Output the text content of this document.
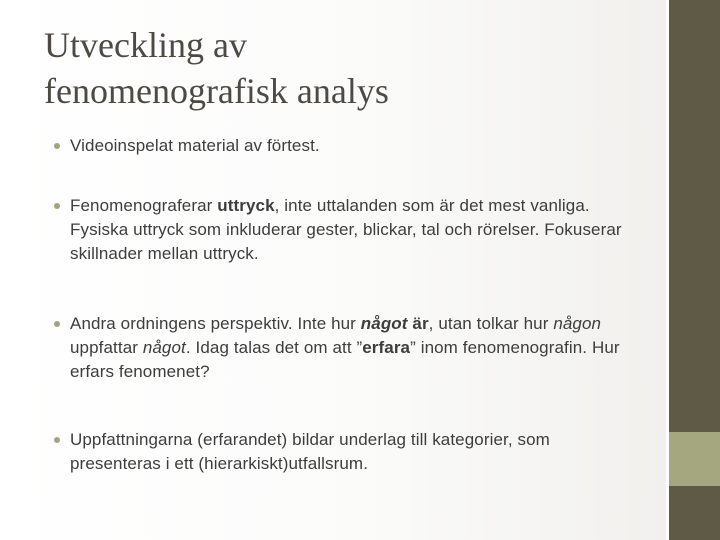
Utveckling av
fenomenografisk analys
Videoinspelat material av förtest.
Fenomenograferar uttryck, inte uttalanden som är det mest vanliga. Fysiska uttryck som inkluderar gester, blickar, tal och rörelser. Fokuserar skillnader mellan uttryck.
Andra ordningens perspektiv. Inte hur något är, utan tolkar hur någon uppfattar något. Idag talas det om att ”erfara” inom fenomenografin. Hur erfars fenomenet?
Uppfattningarna (erfarandet) bildar underlag till kategorier, som presenteras i ett (hierarkiskt)utfallsrum.
